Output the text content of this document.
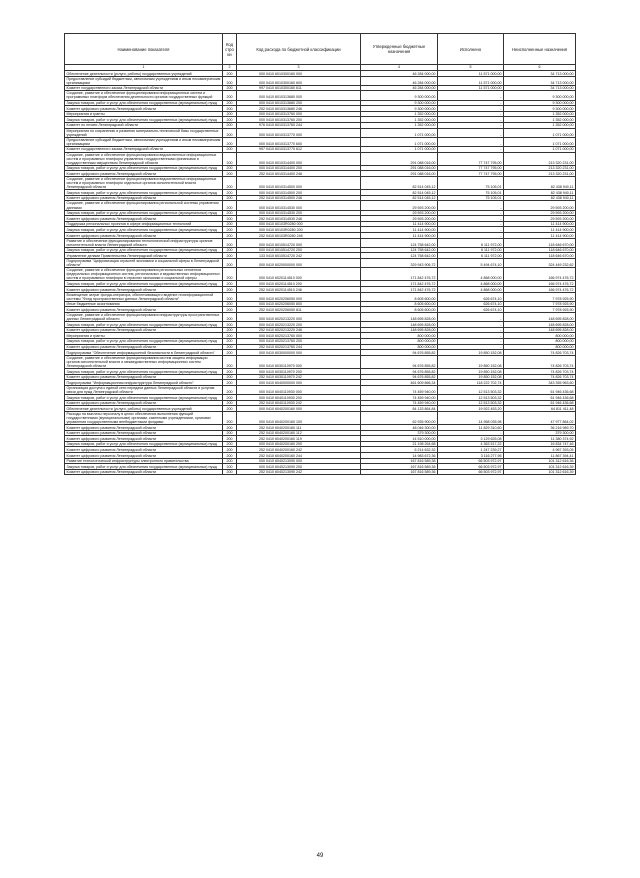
Наименование показателя	Код стро ки	Код расхода по бюджетной классификации	Утвержденные бюджетные назначения	Исполнено	Неисполненные назначения
1	2	3	4	5	6
Обеспечение деятельности (услуги, работы) государственных учреждений	200	000 0410 6010300160 000	46 284 000,00	11 571 000,00	34 713 000,00
Предоставление субсидий бюджетным, автономным учреждениям и иным некоммерческим организациям	200	000 0410 6010300160 600	46 284 000,00	11 571 000,00	34 713 000,00
Комитет государственного заказа Ленинградской области	200	997 0410 6010300160 611	46 284 000,00	11 571 000,00	34 713 000,00
Создание, развитие и обеспечение функционирования информационных систем и программных платформ обеспечения деятельности органов государственных функций	200	000 0410 6010313680 000	9 300 000,00	-	9 300 000,00
Закупка товаров, работ и услуг для обеспечения государственных (муниципальных) нужд	200	000 0410 6010313680 200	9 300 000,00	-	9 300 000,00
Комитет цифрового развития Ленинградской области	200	252 0410 6010313680 246	9 300 000,00	-	9 300 000,00
Мероприятия и гранты	200	000 0410 6010313760 000	1 352 000,00	-	1 352 000,00
Закупка товаров, работ и услуг для обеспечения государственных (муниципальных) нужд	200	000 0410 6010313760 200	1 352 000,00	-	1 352 000,00
Комитет по печати Ленинградской области	200	976 0410 6010313760 244	1 352 000,00	-	1 352 000,00
Мероприятия по сохранению и развитию материально-технической базы государственных учреждений	200	000 0410 6010313770 000	1 071 000,00	-	1 071 000,00
Предоставление субсидий бюджетным, автономным учреждениям и иным некоммерческим организациям	200	000 0410 6010313770 600	1 071 000,00	-	1 071 000,00
Комитет государственного заказа Ленинградской области	200	997 0410 6010313770 612	1 071 000,00	-	1 071 000,00
Создание, развитие и обеспечение функционирования ведомственных информационных систем и программных платформ управления государственными финансами и государственным имуществом Ленинградской области	200	000 0410 6010314400 000	291 088 016,00	77 747 795,00	213 320 231,00
Закупка товаров, работ и услуг для обеспечения государственных (муниципальных) нужд	200	000 0410 6010314400 200	291 088 016,00	77 747 795,00	213 320 231,00
Комитет цифрового развития Ленинградской области	200	252 0410 6010314400 246	291 088 016,00	77 747 795,00	213 320 231,00
Создание, развитие и обеспечение функционирования ведомственных информационных систем и программных платформ отдельных органов исполнительной власти Ленинградской области	200	000 0410 6010314500 000	82 514 045,12	75 105,01	82 438 940,11
Закупка товаров, работ и услуг для обеспечения государственных (муниципальных) нужд	200	000 0410 6010314500 200	82 514 045,12	75 105,01	82 438 940,11
Комитет цифрового развития Ленинградской области	200	252 0410 6010314500 246	82 514 045,12	75 105,01	82 438 940,11
Создание, развитие и обеспечение функционирования региональной системы управления данными	200	000 0410 6010314530 000	29 593 200,00	-	29 593 200,00
Закупка товаров, работ и услуг для обеспечения государственных (муниципальных) нужд	200	000 0410 6010314530 200	29 593 200,00	-	29 593 200,00
Комитет цифрового развития Ленинградской области	200	252 0410 6010314530 246	29 593 200,00	-	29 593 200,00
Поддержка региональных проектов в сфере информационных технологий	200	000 0410 60103R0280 000	11 414 900,00	-	11 414 900,00
Закупка товаров, работ и услуг для обеспечения государственных (муниципальных) нужд	200	000 0410 60103R0280 200	11 414 900,00	-	11 414 900,00
Комитет цифрового развития Ленинградской области	200	252 0410 60103R0280 246	11 414 900,00	-	11 414 900,00
Развитие и обеспечение функционирования технологической инфраструктуры органов исполнительной власти Ленинградской области	200	000 0410 6010514720 000	124 758 642,00	6 111 972,00	118 646 670,00
Закупка товаров, работ и услуг для обеспечения государственных (муниципальных) нужд	200	000 0410 6010514720 200	124 758 642,00	6 111 972,00	118 646 670,00
Управление делами Правительства Ленинградской области	200	133 0410 6010514720 242	124 758 642,00	6 111 972,00	118 646 670,00
Подпрограмма "Цифровизация отраслей экономики и социальной сферы в Ленинградской области"	200	000 0410 6020000000 000	329 943 906,72	5 494 674,10	324 449 232,62
Создание, развитие и обеспечение функционирования региональных сегментов федеральных информационных систем, региональных и ведомственных информационных систем и программных платформ в отраслях экономики и социальной сферы	200	000 0410 6020114510 000	171 842 476,72	4 868 000,00	166 974 476,72
Закупка товаров, работ и услуг для обеспечения государственных (муниципальных) нужд	200	000 0410 6020114510 200	171 842 476,72	4 868 000,00	166 974 476,72
Комитет цифрового развития Ленинградской области	200	252 0410 6020114510 246	171 842 476,72	4 868 000,00	166 974 476,72
Возмещение затрат фонда-оператора, обеспечивающего ведение геоинформационной системы "Фонд пространственных данных Ленинградской области"	200	000 0410 6020206050 000	8 605 600,00	626 674,10	7 978 925,90
Иные бюджетные ассигнования	200	000 0410 6020206050 800	8 605 600,00	626 674,10	7 978 925,90
Комитет цифрового развития Ленинградской области	200	252 0410 6020206050 811	8 605 600,00	626 674,10	7 978 925,90
Создание, развитие и обеспечение функционирования инфраструктуры пространственных данных Ленинградской области	200	000 0410 6020213220 000	148 695 828,00	-	148 695 828,00
Закупка товаров, работ и услуг для обеспечения государственных (муниципальных) нужд	200	000 0410 6020213220 200	148 695 828,00	-	148 695 828,00
Комитет цифрового развития Ленинградской области	200	252 0410 6020213220 246	148 695 828,00	-	148 695 828,00
Мероприятия и гранты	200	000 0410 6020213760 000	800 000,00	-	800 000,00
Закупка товаров, работ и услуг для обеспечения государственных (муниципальных) нужд	200	000 0410 6020213760 200	800 000,00	-	800 000,00
Комитет цифрового развития Ленинградской области	200	252 0410 6020213760 244	800 000,00	-	800 000,00
Подпрограмма "Обеспечение информационной безопасности в Ленинградской области"	200	000 0410 6030000000 000	94 676 855,82	19 850 152,08	74 826 703,74
Создание, развитие и обеспечение функционирования систем защиты информации органов исполнительной власти и межведомственных информационных систем Ленинградской области	200	000 0410 6030110970 000	94 676 855,82	19 850 152,08	74 826 703,74
Закупка товаров, работ и услуг для обеспечения государственных (муниципальных) нужд	200	000 0410 6030110970 200	94 676 855,82	19 850 152,08	74 826 703,74
Комитет цифрового развития Ленинградской области	200	252 0410 6030110970 242	94 676 855,82	19 850 152,08	74 826 703,74
Подпрограмма "Информационная инфраструктура Ленинградской области"	200	000 0410 6040000000 000	461 609 866,34	118 222 702,74	343 355 963,60
Организация доступа к единой сети передачи данных Ленинградской области и услугам связи для нужд Ленинградской области	200	000 0410 6040110930 000	74 459 940,00	12 513 503,32	61 946 436,68
Закупка товаров, работ и услуг для обеспечения государственных (муниципальных) нужд	200	000 0410 6040110930 200	74 459 940,00	12 513 503,32	61 946 436,68
Комитет цифрового развития Ленинградской области	200	252 0410 6040110930 242	74 459 940,00	12 513 503,32	61 946 436,68
Обеспечение деятельности (услуги, работы) государственных учреждений	200	000 0410 6040200160 000	84 133 864,84	19 922 453,20	64 811 411,48
Расходы на выплаты персоналу в целях обеспечения выполнения функций государственными (муниципальными) органами, казенными учреждениями, органами управления государственными внебюджетными фондами	200	000 0410 6040200160 100	62 935 900,00	14 958 035,98	47 977 864,02
Комитет цифрового развития Ленинградской области	200	252 0410 6040200160 111	48 046 300,00	11 829 310,60	36 216 989,70
Комитет цифрового развития Ленинградской области	200	252 0410 6040200160 112	379 300,00	-	379 300,00
Комитет цифрового развития Ленинградской области	200	252 0410 6040200160 119	14 510 000,00	3 129 625,08	11 380 374,92
Закупка товаров, работ и услуг для обеспечения государственных (муниципальных) нужд	200	000 0410 6040200160 200	21 198 264,68	4 363 517,22	16 834 747,46
Комитет цифрового развития Ленинградской области	200	252 0410 6040200160 242	6 214 632,32	1 247 239,27	4 967 393,05
Комитет цифрового развития Ленинградской области	200	252 0410 6040200160 244	14 983 672,36	3 116 277,95	11 867 394,41
Развитие технологической инфраструктуры электронного правительства	200	000 0410 6040213090 000	167 816 589,38	66 503 972,97	101 312 616,36
Закупка товаров, работ и услуг для обеспечения государственных (муниципальных) нужд	200	000 0410 6040213090 200	167 816 589,36	66 503 972,97	101 312 616,39
Комитет цифрового развития Ленинградской области	200	252 0410 6040213090 242	167 816 589,36	66 503 972,97	101 312 616,39
49
